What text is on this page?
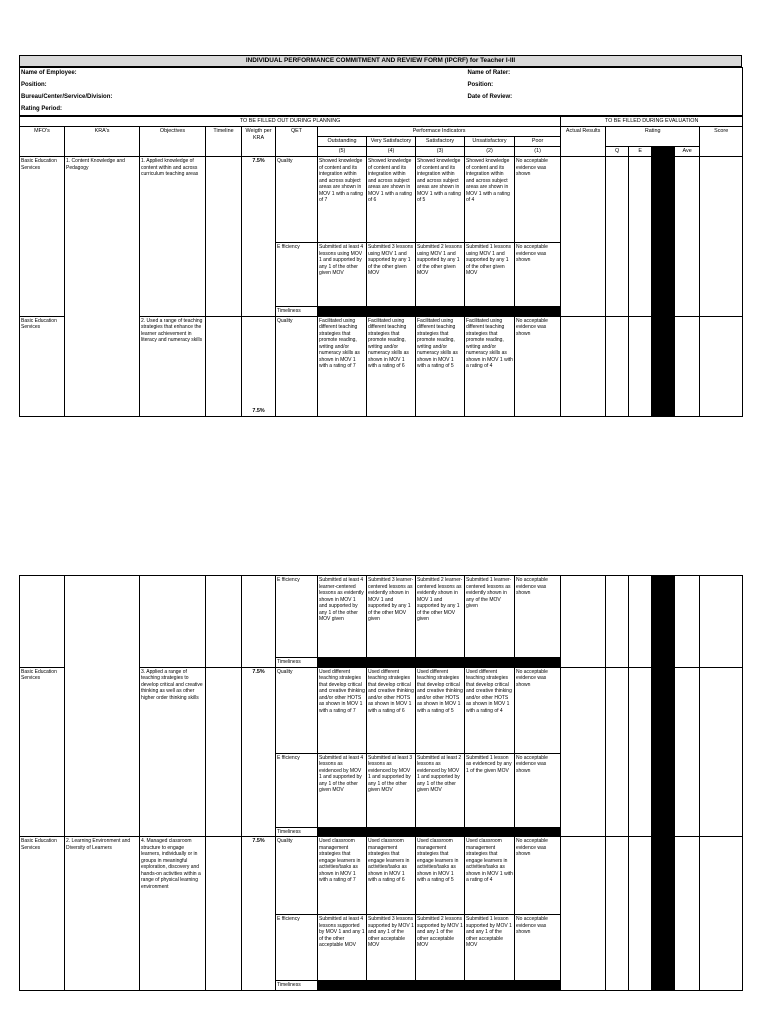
INDIVIDUAL PERFORMANCE COMMITMENT AND REVIEW FORM (IPCRF) for Teacher I-III
Name of Employee:	Name of Rater:
Position:	Position:
Bureau/Center/Service/Division:	Date of Review:
Rating Period:	
TO BE FILLED OUT DURING PLANNING											TO BE FILLED DURING EVALUATION					
MFO's	KRA's	Objectives	Timeline	Weigth per KRA	QET	Performace Indicators					Actual Results	Rating				Score
						Outstanding	Very Satisfactory	Satisfactory	Unsatisfactory	Poor						
						(5)	(4)	(3)	(2)	(1)		Q	E	T	Ave	
Basic Education Services	1. Content Knowledge and Pedagogy	1. Applied knowledge of content within and across curriculum teaching areas		7.5%	Quality	Showed knowledge of content and its integration within and across subject areas are shown in MOV 1 with a rating of 7	Showed knowledge of content and its integration within and across subject areas are shown in MOV 1 with a rating of 6	Showed knowledge of content and its integration within and across subject areas are shown in MOV 1 with a rating of 5	Showed knowledge of content and its integration within and across subject areas are shown in MOV 1 with a rating of 4	No acceptable evidence was shown						
					E fficiency	Submitted at least 4 lessons using MOV 1 and supported by any 1 of the other given MOV	Submitted 3 lessons using MOV 1 and supported by any 1 of the other given MOV	Submitted 2 lessons using MOV 1 and supported by any 1 of the other given MOV	Submitted 1 lessons using MOV 1 and supported by any 1 of the other given MOV	No acceptable evidence was shown						
					Timeliness											
Basic Education Services		2. Used a range of teaching strategies that enhance the learner achievement in literacy and numeracy skills		7.5%	Quality	Facilitated using different teaching strategies that promote reading, writing and/or numeracy skills as shown in MOV 1 with a rating of 7	Facilitated using different teaching strategies that promote reading, writing and/or numeracy skills as shown in MOV 1 with a rating of 6	Facilitated using different teaching strategies that promote reading, writing and/or numeracy skills as shown in MOV 1 with a rating of 5	Facilitated using different teaching strategies that promote reading, writing and/or numeracy skills as shown in MOV 1 with a rating of 4	No acceptable evidence was shown						
					E fficiency	Submitted at least 4 learner-centered lessons as evidently shown in MOV 1 and supported by any 1 of the other MOV given	Submitted 3 learner-centered lessons as evidently shown in MOV 1 and supported by any 1 of the other MOV given	Submitted 2 learner-centered lessons as evidently shown in MOV 1 and supported by any 1 of the other MOV given	Submitted 1 learner-centered lessons as evidently shown in any of the MOV given	No acceptable evidence was shown						
					Timeliness											
Basic Education Services		3. Applied a range of teaching strategies to develop critical and creative thinking as well as other higher order thinking skills		7.5%	Quality	Used different teaching strategies that develop critical and creative thinking and/or other HOTS as shown in MOV 1 with a rating of 7	Used different teaching strategies that develop critical and creative thinking and/or other HOTS as shown in MOV 1 with a rating of 6	Used different teaching strategies that develop critical and creative thinking and/or other HOTS as shown in MOV 1 with a rating of 5	Used different teaching strategies that develop critical and creative thinking and/or other HOTS as shown in MOV 1 with a rating of 4	No acceptable evidence was shown						
					E fficiency	Submitted at least 4 lessons as evidenced by MOV 1 and supported by any 1 of the other given MOV	Submitted at least 3 lessons as evidenced by MOV 1 and supported by any 1 of the other given MOV	Submitted at least 2 lessons as evidenced by MOV 1 and supported by any 1 of the other given MOV	Submitted 1 lesson as evidenced by any 1 of the given MOV	No acceptable evidence was shown						
					Timeliness											
Basic Education Services	2. Learning Environment and Diversity of Learners	4. Managed classroom structure to engage learners, individually or in groups in meaningful exploration, discovery and hands-on activities within a range of physical learning environment		7.5%	Quality	Used classroom management strategies that engage learners in activities/tasks as shown in MOV 1 with a rating of 7	Used classroom management strategies that engage learners in activities/tasks as shown in MOV 1 with a rating of 6	Used classroom management strategies that engage learners in activities/tasks as shown in MOV 1 with a rating of 5	Used classroom management strategies that engage learners in activities/tasks as shown in MOV 1 with a rating of 4	No acceptable evidence was shown						
					E fficiency	Submitted at least 4 lessons supported by MOV 1 and any 1 of the other acceptable MOV	Submitted 3 lessons supported by MOV 1 and any 1 of the other acceptable MOV	Submitted 2 lessons supported by MOV 1 and any 1 of the other acceptable MOV	Submitted 1 lesson supported by MOV 1 and any 1 of the other acceptable MOV	No acceptable evidence was shown						
					Timeliness											
